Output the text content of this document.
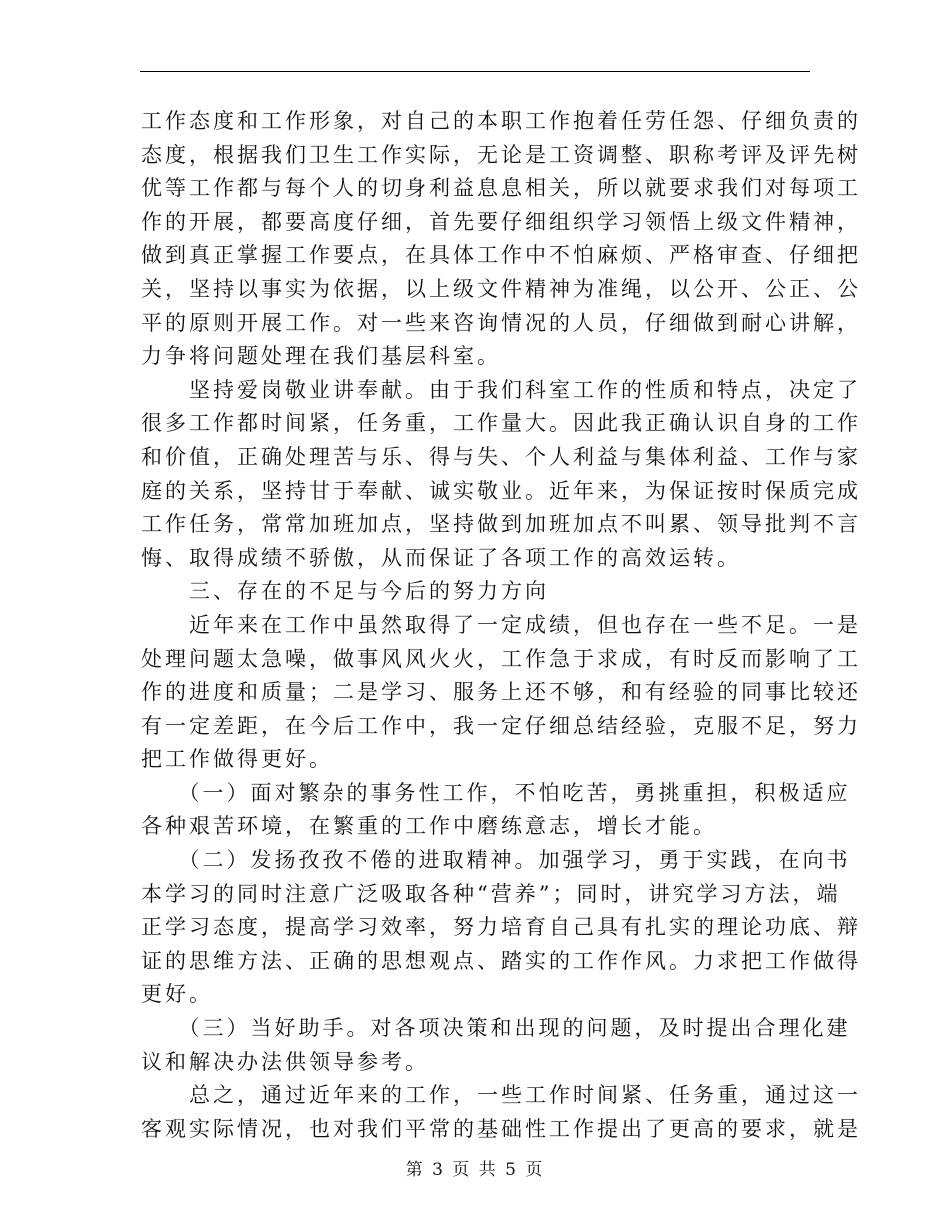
工作态度和工作形象，对自己的本职工作抱着任劳任怨、仔细负责的
态度，根据我们卫生工作实际，无论是工资调整、职称考评及评先树
优等工作都与每个人的切身利益息息相关，所以就要求我们对每项工
作的开展，都要高度仔细，首先要仔细组织学习领悟上级文件精神，
做到真正掌握工作要点，在具体工作中不怕麻烦、严格审查、仔细把
关，坚持以事实为依据，以上级文件精神为准绳，以公开、公正、公
平的原则开展工作。对一些来咨询情况的人员，仔细做到耐心讲解，
力争将问题处理在我们基层科室。
　　坚持爱岗敬业讲奉献。由于我们科室工作的性质和特点，决定了
很多工作都时间紧，任务重，工作量大。因此我正确认识自身的工作
和价值，正确处理苦与乐、得与失、个人利益与集体利益、工作与家
庭的关系，坚持甘于奉献、诚实敬业。近年来，为保证按时保质完成
工作任务，常常加班加点，坚持做到加班加点不叫累、领导批判不言
悔、取得成绩不骄傲，从而保证了各项工作的高效运转。
　　三、存在的不足与今后的努力方向
　　近年来在工作中虽然取得了一定成绩，但也存在一些不足。一是
处理问题太急噪，做事风风火火，工作急于求成，有时反而影响了工
作的进度和质量；二是学习、服务上还不够，和有经验的同事比较还
有一定差距，在今后工作中，我一定仔细总结经验，克服不足，努力
把工作做得更好。
　　（一）面对繁杂的事务性工作，不怕吃苦，勇挑重担，积极适应
各种艰苦环境，在繁重的工作中磨练意志，增长才能。
　　（二）发扬孜孜不倦的进取精神。加强学习，勇于实践，在向书
本学习的同时注意广泛吸取各种“营养”；同时，讲究学习方法，端
正学习态度，提高学习效率，努力培育自己具有扎实的理论功底、辩
证的思维方法、正确的思想观点、踏实的工作作风。力求把工作做得
更好。
　　（三）当好助手。对各项决策和出现的问题，及时提出合理化建
议和解决办法供领导参考。
　　总之，通过近年来的工作，一些工作时间紧、任务重，通过这一
客观实际情况，也对我们平常的基础性工作提出了更高的要求，就是
第 3 页 共 5 页
